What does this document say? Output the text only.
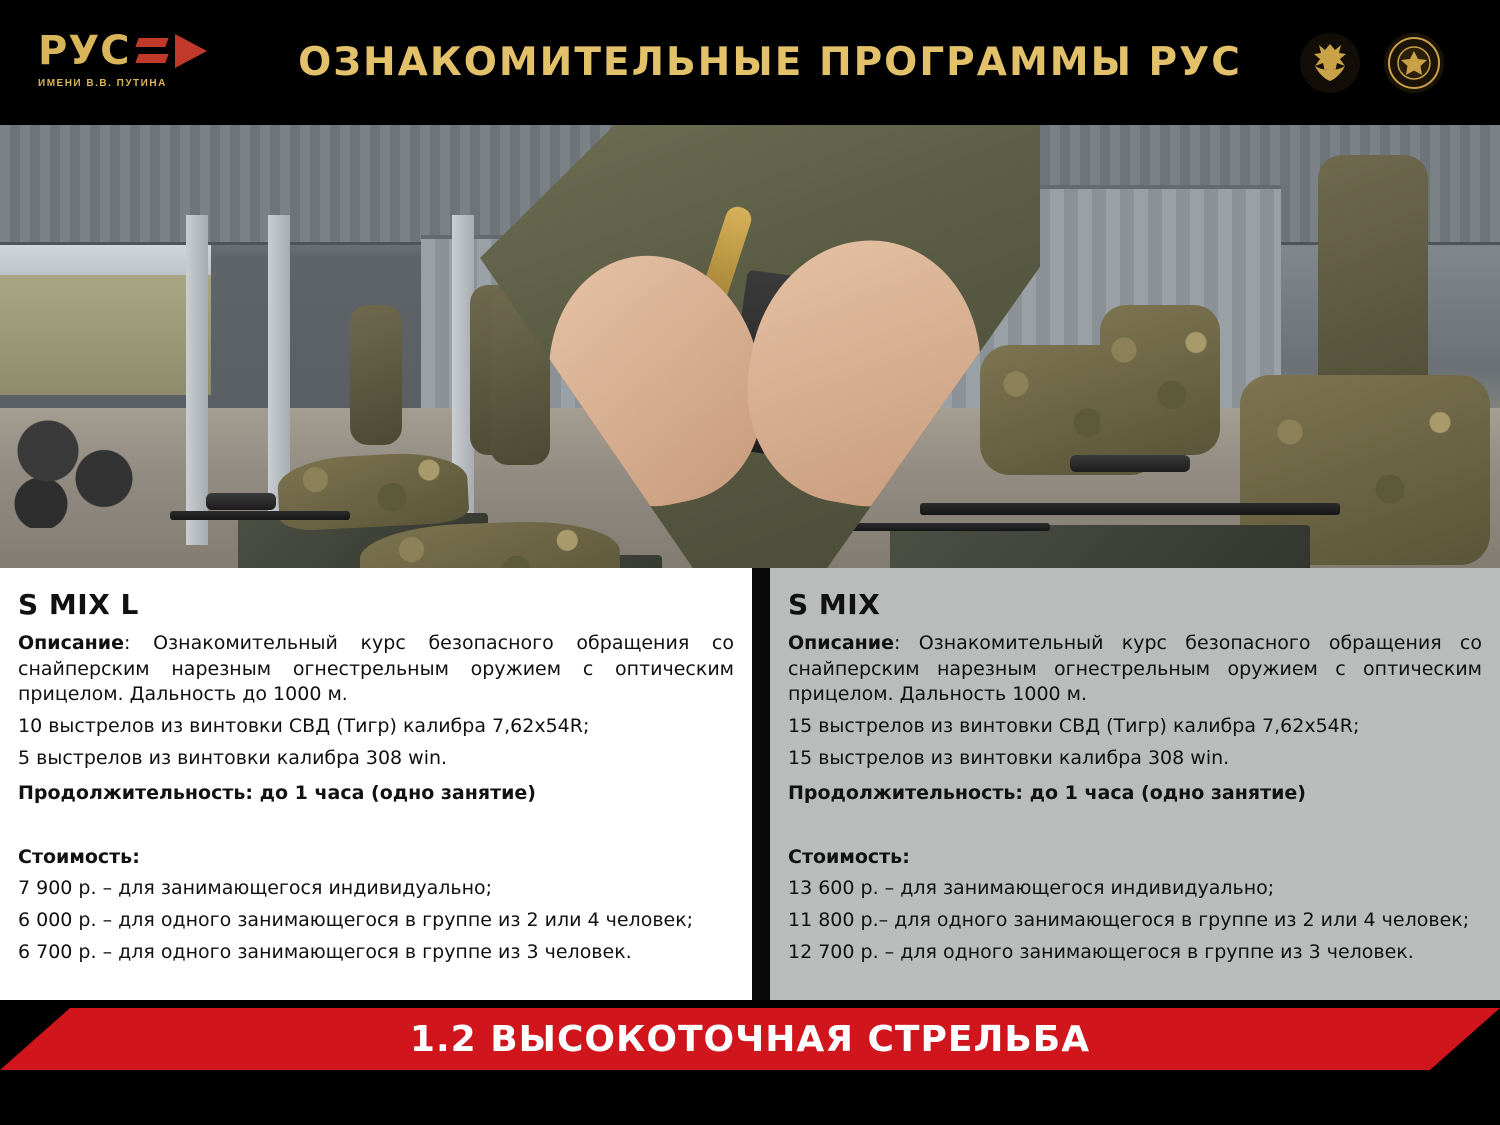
РУС
ИМЕНИ В.В. ПУТИНА	ОЗНАКОМИТЕЛЬНЫЕ ПРОГРАММЫ РУС
S MIX L

Описание: Ознакомительный курс безопасного обращения со снайперским нарезным огнестрельным оружием с оптическим прицелом. Дальность до 1000 м.

10 выстрелов из винтовки СВД (Тигр) калибра 7,62х54R;

5 выстрелов из винтовки калибра 308 win.

Продолжительность: до 1 часа (одно занятие)

Стоимость:

7 900 р. – для занимающегося индивидуально;

6 000 р. – для одного занимающегося в группе из 2 или 4 человек;

6 700 р. – для одного занимающегося в группе из 3 человек.

S MIX

Описание: Ознакомительный курс безопасного обращения со снайперским нарезным огнестрельным оружием с оптическим прицелом. Дальность 1000 м.

15 выстрелов из винтовки СВД (Тигр) калибра 7,62х54R;

15 выстрелов из винтовки калибра 308 win.

Продолжительность: до 1 часа (одно занятие)

Стоимость:

13 600 р. – для занимающегося индивидуально;

11 800 р.– для одного занимающегося в группе из 2 или 4 человек;

12 700 р. – для одного занимающегося в группе из 3 человек.

1.2 ВЫСОКОТОЧНАЯ СТРЕЛЬБА
